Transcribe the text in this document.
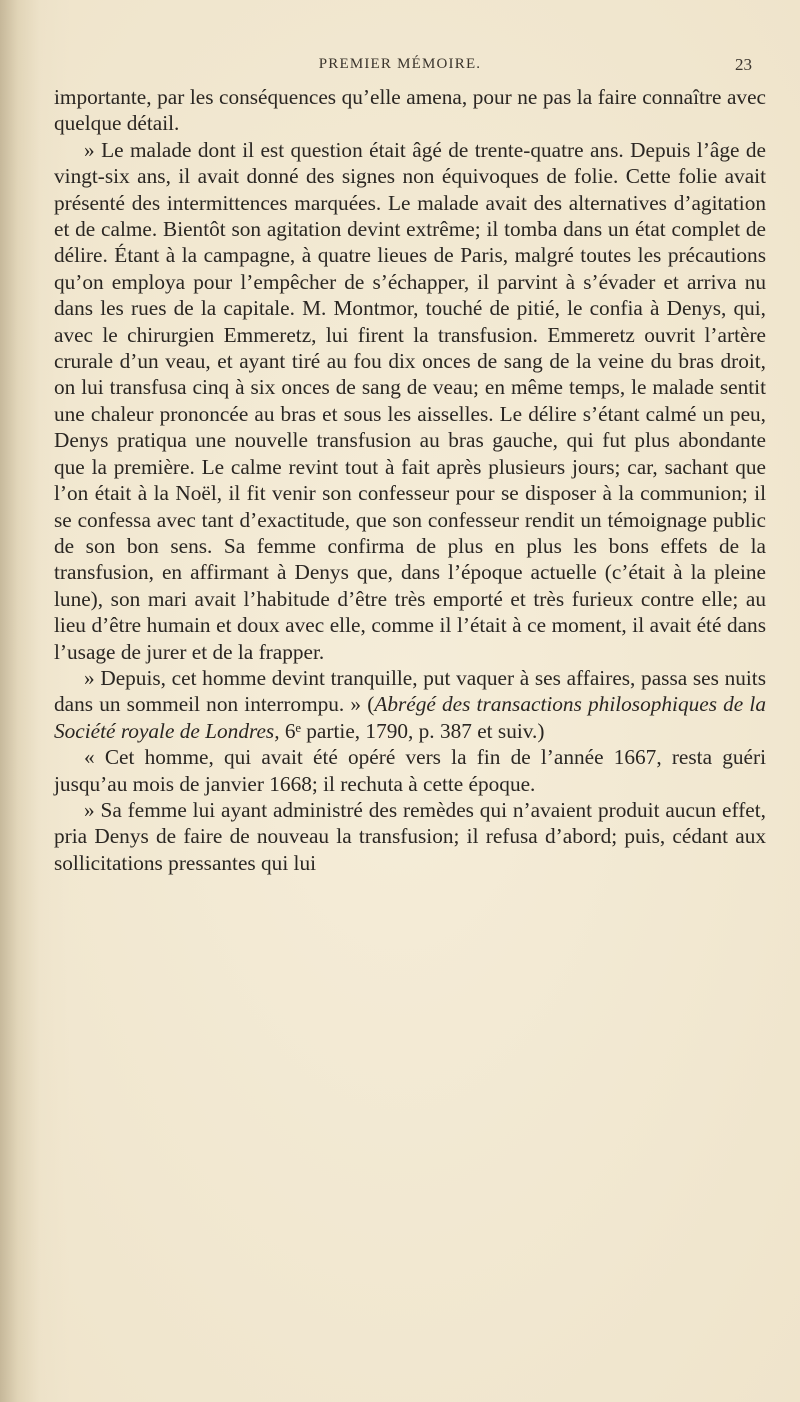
PREMIER MÉMOIRE.	23

importante, par les conséquences qu’elle amena, pour ne pas la faire connaître avec quelque détail.

» Le malade dont il est question était âgé de trente-quatre ans. Depuis l’âge de vingt-six ans, il avait donné des signes non équivoques de folie. Cette folie avait présenté des intermittences marquées. Le malade avait des alternatives d’agitation et de calme. Bientôt son agitation devint extrême; il tomba dans un état complet de délire. Étant à la campagne, à quatre lieues de Paris, malgré toutes les précautions qu’on employa pour l’empêcher de s’échapper, il parvint à s’évader et arriva nu dans les rues de la capitale. M. Montmor, touché de pitié, le confia à Denys, qui, avec le chirurgien Emmeretz, lui firent la transfusion. Emmeretz ouvrit l’artère crurale d’un veau, et ayant tiré au fou dix onces de sang de la veine du bras droit, on lui transfusa cinq à six onces de sang de veau; en même temps, le malade sentit une chaleur prononcée au bras et sous les aisselles. Le délire s’étant calmé un peu, Denys pratiqua une nouvelle transfusion au bras gauche, qui fut plus abondante que la première. Le calme revint tout à fait après plusieurs jours; car, sachant que l’on était à la Noël, il fit venir son confesseur pour se disposer à la communion; il se confessa avec tant d’exactitude, que son confesseur rendit un témoignage public de son bon sens. Sa femme confirma de plus en plus les bons effets de la transfusion, en affirmant à Denys que, dans l’époque actuelle (c’était à la pleine lune), son mari avait l’habitude d’être très emporté et très furieux contre elle; au lieu d’être humain et doux avec elle, comme il l’était à ce moment, il avait été dans l’usage de jurer et de la frapper.

» Depuis, cet homme devint tranquille, put vaquer à ses affaires, passa ses nuits dans un sommeil non interrompu. » (Abrégé des transactions philosophiques de la Société royale de Londres, 6ᵉ partie, 1790, p. 387 et suiv.)

« Cet homme, qui avait été opéré vers la fin de l’année 1667, resta guéri jusqu’au mois de janvier 1668; il rechuta à cette époque.

» Sa femme lui ayant administré des remèdes qui n’avaient produit aucun effet, pria Denys de faire de nouveau la transfusion; il refusa d’abord; puis, cédant aux sollicitations pressantes qui lui
